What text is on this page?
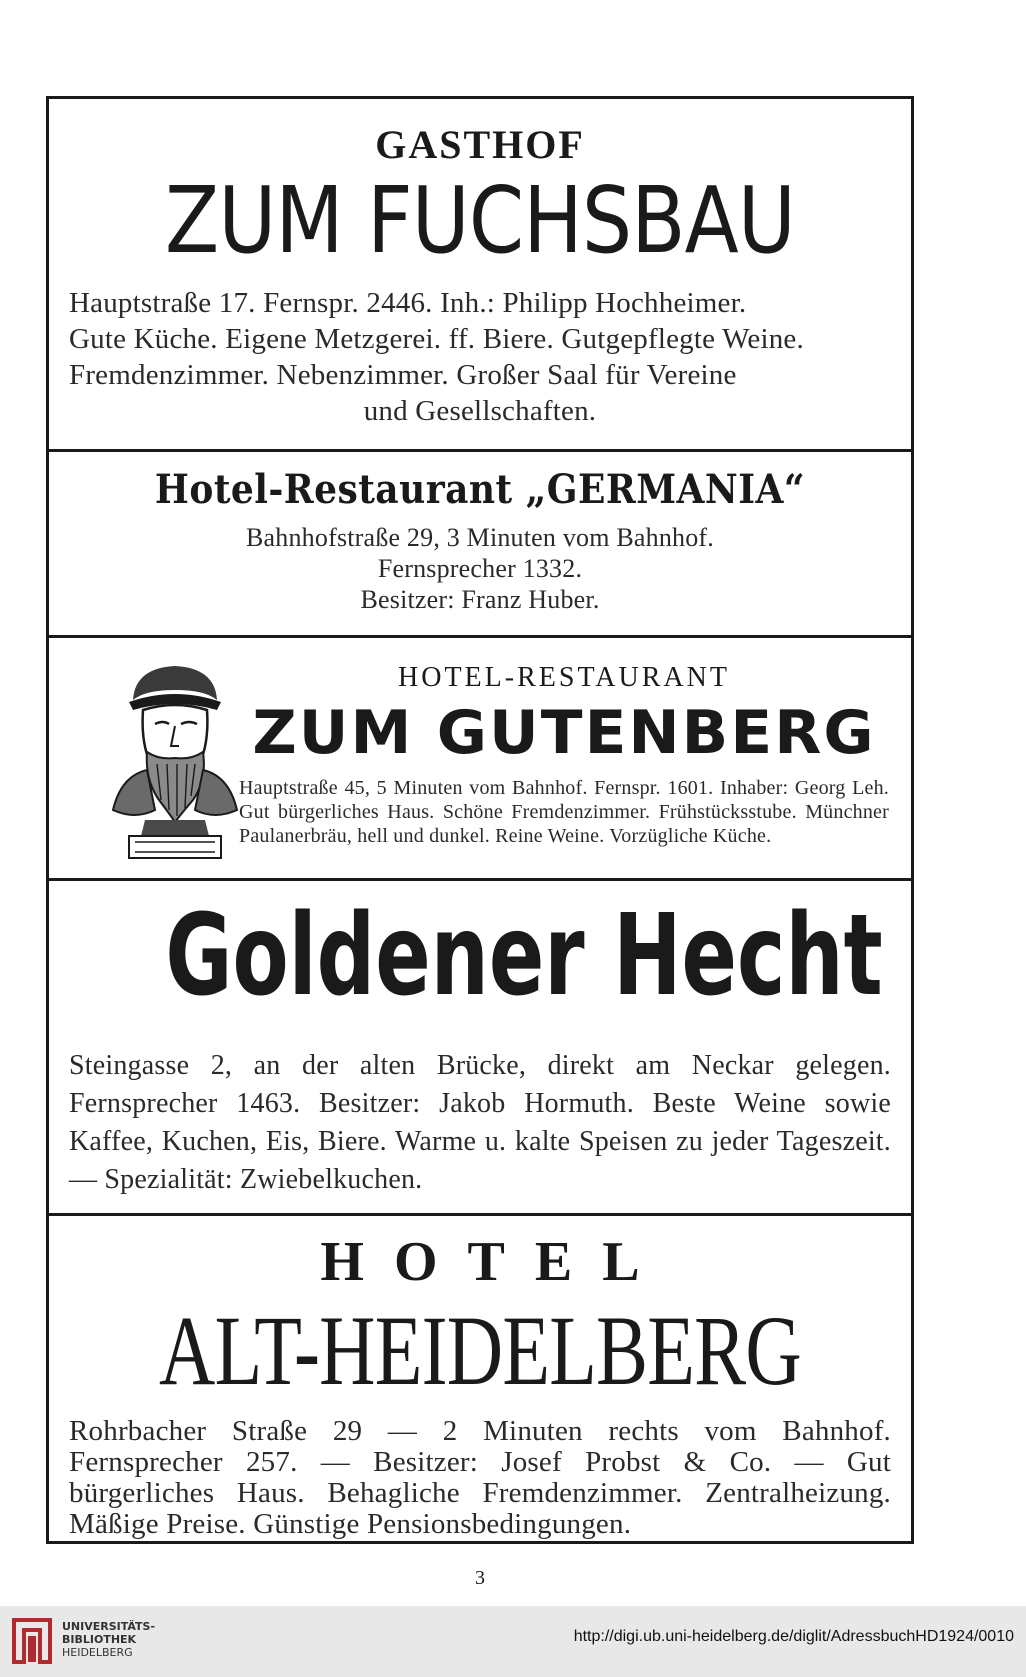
GASTHOF
ZUM FUCHSBAU
Hauptstraße 17. Fernspr. 2446. Inh.: Philipp Hochheimer.
Gute Küche. Eigene Metzgerei. ff. Biere. Gutgepflegte Weine.
Fremdenzimmer. Nebenzimmer. Großer Saal für Vereine
und Gesellschaften.
Hotel-Restaurant „GERMANIA“
Bahnhofstraße 29, 3 Minuten vom Bahnhof.
Fernsprecher 1332.
Besitzer: Franz Huber.
HOTEL-RESTAURANT
ZUM GUTENBERG
Hauptstraße 45, 5 Minuten vom Bahnhof. Fernspr. 1601. Inhaber: Georg Leh. Gut bürgerliches Haus. Schöne Fremdenzimmer. Frühstücksstube. Münchner Paulanerbräu, hell und dunkel. Reine Weine. Vorzügliche Küche.
Goldener Hecht
Steingasse 2, an der alten Brücke, direkt am Neckar gelegen. Fernsprecher 1463. Besitzer: Jakob Hormuth. Beste Weine sowie Kaffee, Kuchen, Eis, Biere. Warme u. kalte Speisen zu jeder Tageszeit. — Spezialität: Zwiebelkuchen.
HOTEL
ALT-HEIDELBERG
Rohrbacher Straße 29 — 2 Minuten rechts vom Bahnhof. Fernsprecher 257. — Besitzer: Josef Probst & Co. — Gut bürgerliches Haus. Behagliche Fremdenzimmer. Zentralheizung. Mäßige Preise. Günstige Pensionsbedingungen.
3
UNIVERSITÄTS-
BIBLIOTHEK
HEIDELBERG
http://digi.ub.uni-heidelberg.de/diglit/AdressbuchHD1924/0010
